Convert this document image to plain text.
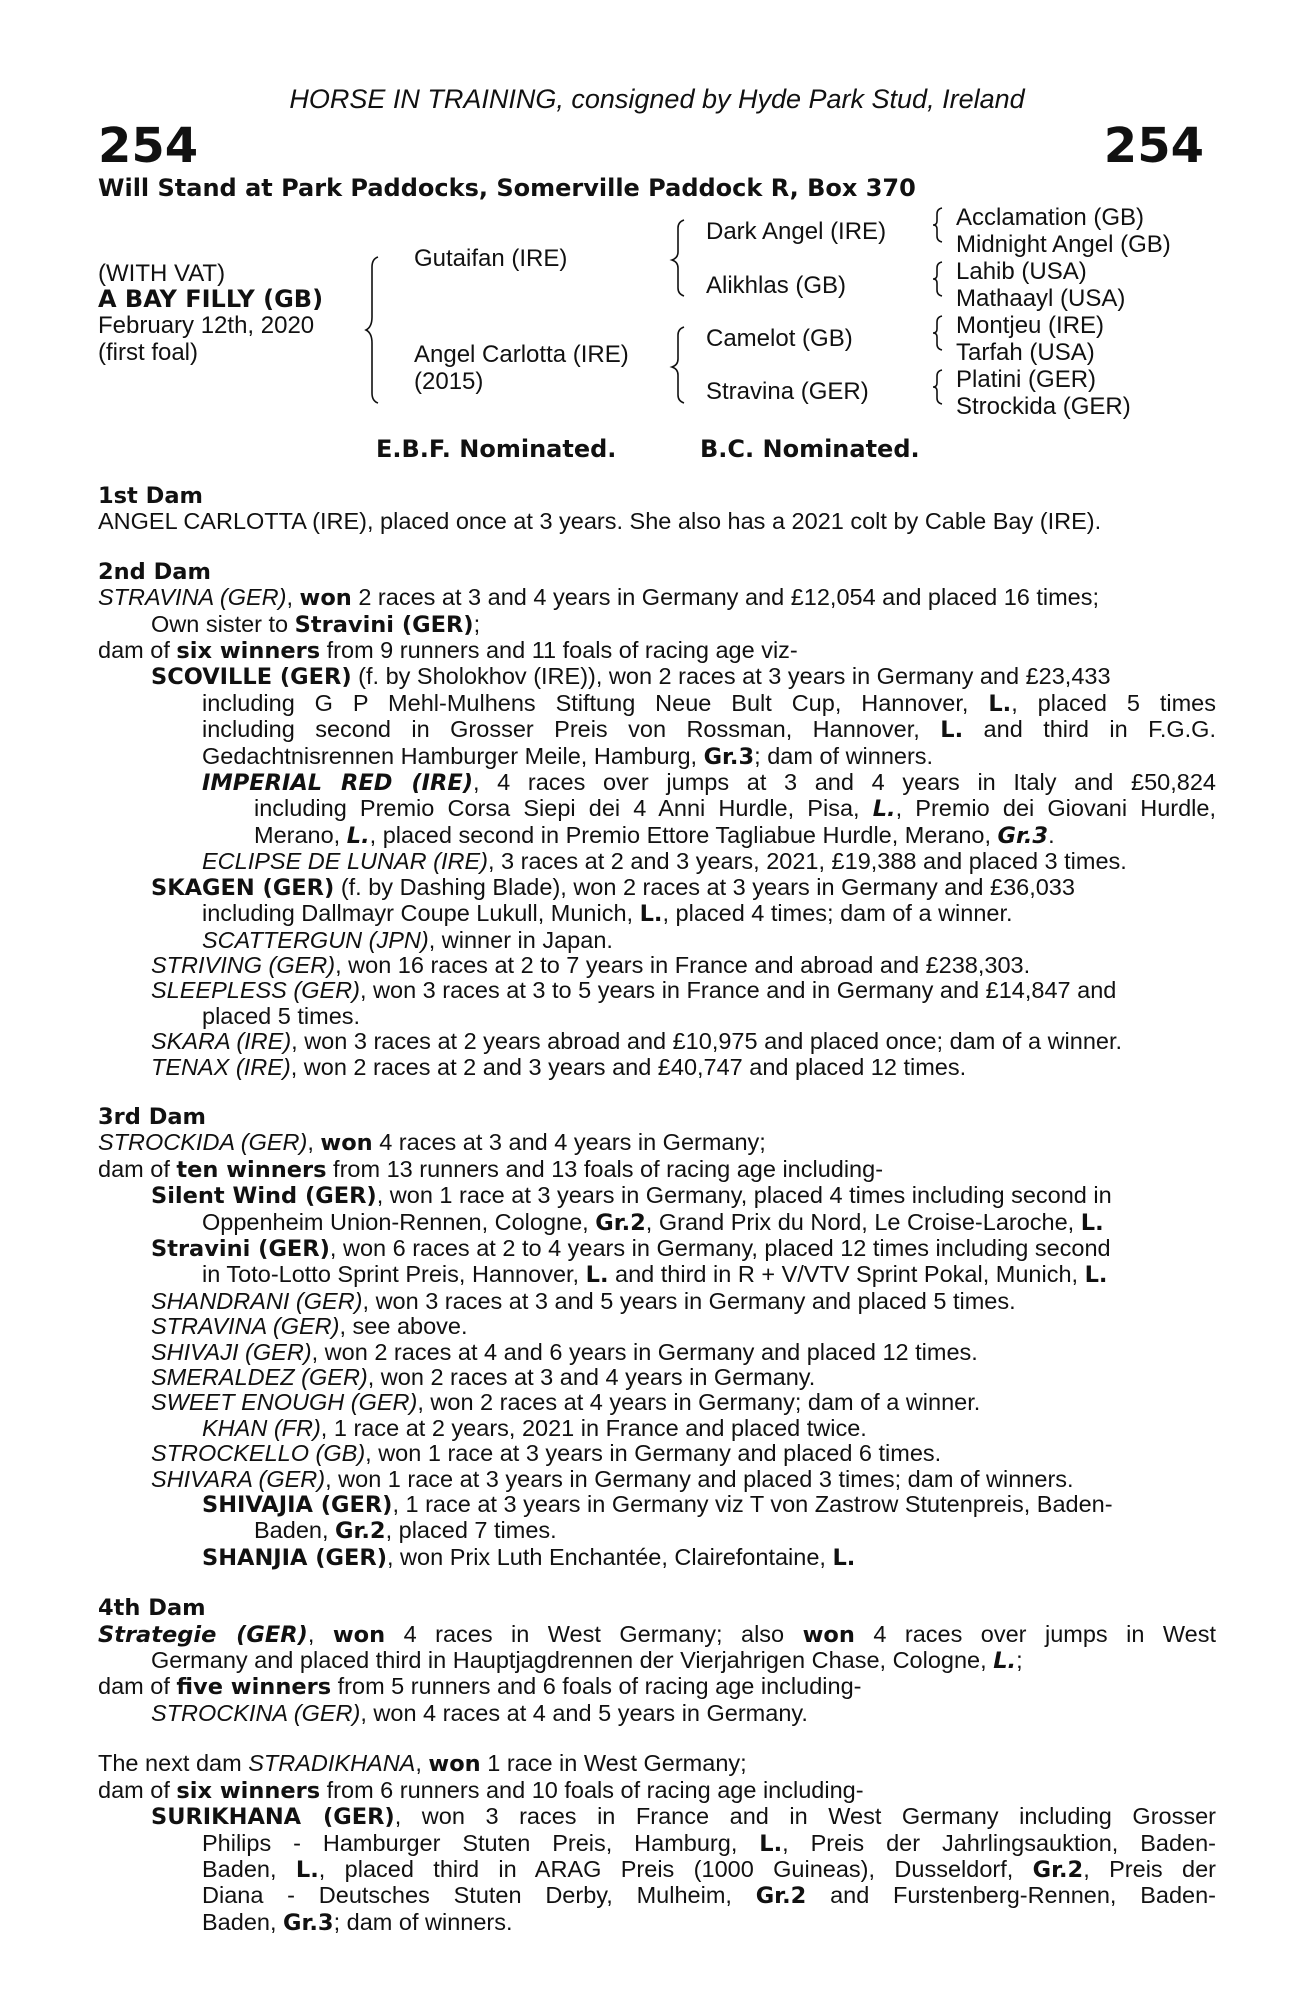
HORSE IN TRAINING, consigned by Hyde Park Stud, Ireland
254	254
Will Stand at Park Paddocks, Somerville Paddock R, Box 370
(WITH VAT)
A BAY FILLY (GB)
February 12th, 2020
(first foal)
Gutaifan (IRE)
Angel Carlotta (IRE)
(2015)
Dark Angel (IRE)
Alikhlas (GB)
Camelot (GB)
Stravina (GER)
Acclamation (GB)
Midnight Angel (GB)
Lahib (USA)
Mathaayl (USA)
Montjeu (IRE)
Tarfah (USA)
Platini (GER)
Strockida (GER)
E.B.F. Nominated.	B.C. Nominated.
1st Dam
ANGEL CARLOTTA (IRE), placed once at 3 years. She also has a 2021 colt by Cable Bay (IRE).
2nd Dam
STRAVINA (GER), won 2 races at 3 and 4 years in Germany and £12,054 and placed 16 times;
Own sister to Stravini (GER);
dam of six winners from 9 runners and 11 foals of racing age viz-
SCOVILLE (GER) (f. by Sholokhov (IRE)), won 2 races at 3 years in Germany and £23,433
including G P Mehl-Mulhens Stiftung Neue Bult Cup, Hannover, L., placed 5 times
including second in Grosser Preis von Rossman, Hannover, L. and third in F.G.G.
Gedachtnisrennen Hamburger Meile, Hamburg, Gr.3; dam of winners.
IMPERIAL RED (IRE), 4 races over jumps at 3 and 4 years in Italy and £50,824
including Premio Corsa Siepi dei 4 Anni Hurdle, Pisa, L., Premio dei Giovani Hurdle,
Merano, L., placed second in Premio Ettore Tagliabue Hurdle, Merano, Gr.3.
ECLIPSE DE LUNAR (IRE), 3 races at 2 and 3 years, 2021, £19,388 and placed 3 times.
SKAGEN (GER) (f. by Dashing Blade), won 2 races at 3 years in Germany and £36,033
including Dallmayr Coupe Lukull, Munich, L., placed 4 times; dam of a winner.
SCATTERGUN (JPN), winner in Japan.
STRIVING (GER), won 16 races at 2 to 7 years in France and abroad and £238,303.
SLEEPLESS (GER), won 3 races at 3 to 5 years in France and in Germany and £14,847 and
placed 5 times.
SKARA (IRE), won 3 races at 2 years abroad and £10,975 and placed once; dam of a winner.
TENAX (IRE), won 2 races at 2 and 3 years and £40,747 and placed 12 times.
3rd Dam
STROCKIDA (GER), won 4 races at 3 and 4 years in Germany;
dam of ten winners from 13 runners and 13 foals of racing age including-
Silent Wind (GER), won 1 race at 3 years in Germany, placed 4 times including second in
Oppenheim Union-Rennen, Cologne, Gr.2, Grand Prix du Nord, Le Croise-Laroche, L.
Stravini (GER), won 6 races at 2 to 4 years in Germany, placed 12 times including second
in Toto-Lotto Sprint Preis, Hannover, L. and third in R + V/VTV Sprint Pokal, Munich, L.
SHANDRANI (GER), won 3 races at 3 and 5 years in Germany and placed 5 times.
STRAVINA (GER), see above.
SHIVAJI (GER), won 2 races at 4 and 6 years in Germany and placed 12 times.
SMERALDEZ (GER), won 2 races at 3 and 4 years in Germany.
SWEET ENOUGH (GER), won 2 races at 4 years in Germany; dam of a winner.
KHAN (FR), 1 race at 2 years, 2021 in France and placed twice.
STROCKELLO (GB), won 1 race at 3 years in Germany and placed 6 times.
SHIVARA (GER), won 1 race at 3 years in Germany and placed 3 times; dam of winners.
SHIVAJIA (GER), 1 race at 3 years in Germany viz T von Zastrow Stutenpreis, Baden-
Baden, Gr.2, placed 7 times.
SHANJIA (GER), won Prix Luth Enchantée, Clairefontaine, L.
4th Dam
Strategie (GER), won 4 races in West Germany; also won 4 races over jumps in West
Germany and placed third in Hauptjagdrennen der Vierjahrigen Chase, Cologne, L.;
dam of five winners from 5 runners and 6 foals of racing age including-
STROCKINA (GER), won 4 races at 4 and 5 years in Germany.
The next dam STRADIKHANA, won 1 race in West Germany;
dam of six winners from 6 runners and 10 foals of racing age including-
SURIKHANA (GER), won 3 races in France and in West Germany including Grosser
Philips - Hamburger Stuten Preis, Hamburg, L., Preis der Jahrlingsauktion, Baden-
Baden, L., placed third in ARAG Preis (1000 Guineas), Dusseldorf, Gr.2, Preis der
Diana - Deutsches Stuten Derby, Mulheim, Gr.2 and Furstenberg-Rennen, Baden-
Baden, Gr.3; dam of winners.
